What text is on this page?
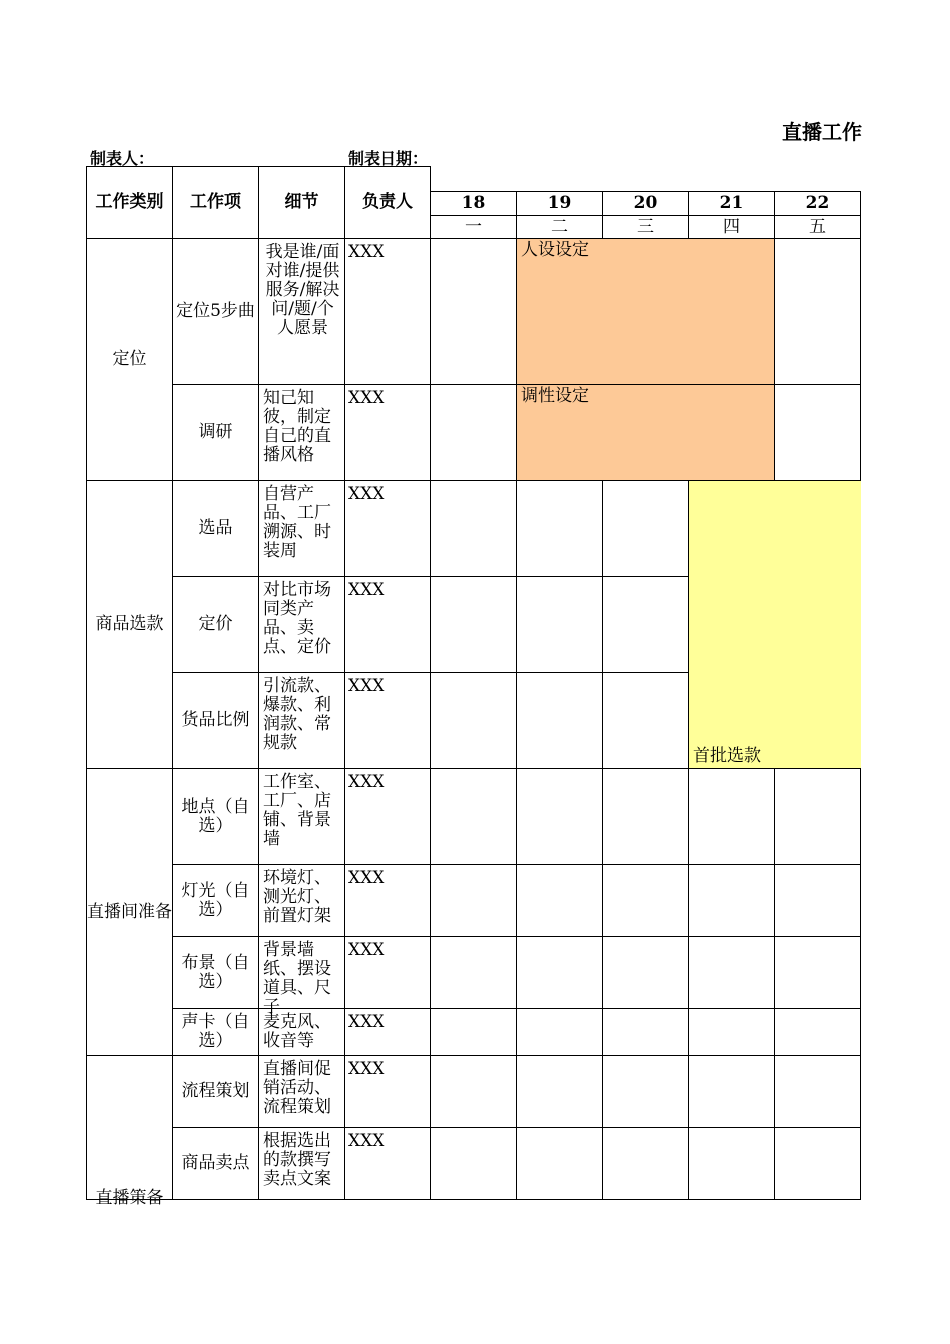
直播工作
制表人：	制表日期：
工作类别	工作项	细节	负责人					
				18	19	20	21	22
				一	二	三	四	五
定位	定位5步曲	我是谁/面对谁/提供服务/解决问/题/个人愿景	XXX		人设设定			
	调研	知己知彼，制定自己的直播风格	XXX		调性设定			
商品选款	选品	自营产品、工厂溯源、时装周	XXX				首批选款	
	定价	对比市场同类产品、卖点、定价	XXX					
	货品比例	引流款、爆款、利润款、常规款	XXX					
直播间准备	地点（自选）	工作室、工厂、店铺、背景墙	XXX					
	灯光（自选）	环境灯、测光灯、前置灯架	XXX					
	布景（自选）	背景墙纸、摆设道具、尺子	XXX					
	声卡（自选）	麦克风、收音等	XXX					

直播策备	流程策划	直播间促销活动、流程策划	XXX					
	商品卖点	根据选出的款撰写卖点文案	XXX					
